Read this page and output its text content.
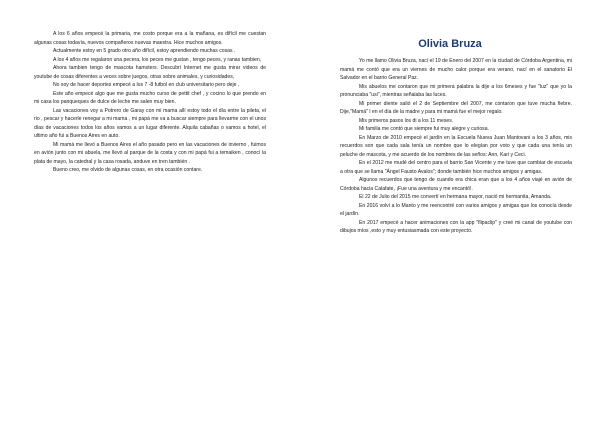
A los 6 años empecé la primaria, me costo porque era a la mañana, es difícil me cuestan algunas cosas todavía, nuevos compañeros nuevas maestra. Hice muchos amigos.

Actualmente estoy en 5 grado otro año difícil, estoy aprendiendo muchas cosas .

A los 4 años me regalaron una pecera, los peces me gustan , tengo peces, y ranas tambien,

Ahora tambien tengo de mascota hamsters. Descubrí Internet me gusta mirar videos de youtube de cosas diferentes a veces sobre juegos, otras sobre animales, y curiosidades,

No soy de hacer deportes empecé a los 7 -8 futbol en club universitario pero deje ,

Este año empecé algo que me gusta mucho curso de pettit chef , y cocino lo que prendo en mi casa los panqueques de dulce de leche me salen muy bien.

Las vacaciones voy a Potrero de Garay con mi mama allí estoy todo el día entre la pileta, el rio , pescar y hacerle renegar a mi mama , mi papá me va a buscar siempre para llevarme con el unos días de vacaciones todos los años vamos a un lugar diferente. Alquila cabañas o vamos a hotel, el ultimo año fui a Buenos Aires en auto.

Mi mamá me llevó a Buenos Aires el año pasado pero en las vacaciones de invierno , fuimos en avión junto con mi abuela, me llevó al parque de la costa y con mi papá fui a temaiken , conocí la plata de mayo, la catedral y la casa rosada, anduve en tren también .

Bueno creo, me olvido de algunas cosas, en otra ocasión contare.

Olivia Bruza

Yo me llamo Olivia Bruza, nací el 19 de Enero del 2007 en la ciudad de Córdoba Argentina, mi mamá me contó que era un viernes de mucho calor porque era verano, nací en el sanatorio El Salvador en el barrio General Paz.

Mis abuelos me contaron que mi primera palabra la dije a los 6meses y fue "luz" que yo la pronunciaba "usi", mientras señalaba las luces.

Mi primer diente salió el 2 de Septiembre del 2007, me contaron que tuve mucha fiebre. Dije,"Mamá" l en el día de la madre y para mi mamá fue el mejor regalo.

Mis primeros pasos los di a los 11 meses.

Mi familia me contó que siempre fui muy alegre y curiosa.

En Marzo de 2010 empecé el jardín en la Escuela Nueva Juan Mantovani a los 3 años, mis recuerdos son que cada sala tenía un nombre que lo elegían por voto y que cada una tenía un peluche de mascota, y me acuerdo de los nombres de las seños: Ann, Kari y Ceci.

En el 2012 me mudé del centro para el barrio San Vicente y me tuve que cambiar de escuela a otra que se llama "Ángel Fausto Avalos"; donde también hice muchos amigos y amigas.

Algunos recuerdos que tengo de cuando era chica eran que a los 4 años viajé en avión de Córdoba hacia Calafate, ¡Fue una aventura y me encantó!.

El 22 de Julio del 2015 me convertí en hermana mayor, nació mi hermanita, Amanda.

En 2016 volví a lo Manto y me reencontré con varios amigos y amigas que los conocía desde el jardín.

En 2017 empecé a hacer animaciones con la app "flipaclip" y creé mi canal de youtube con dibujos míos ,esto y muy entusiasmada con este proyecto.
